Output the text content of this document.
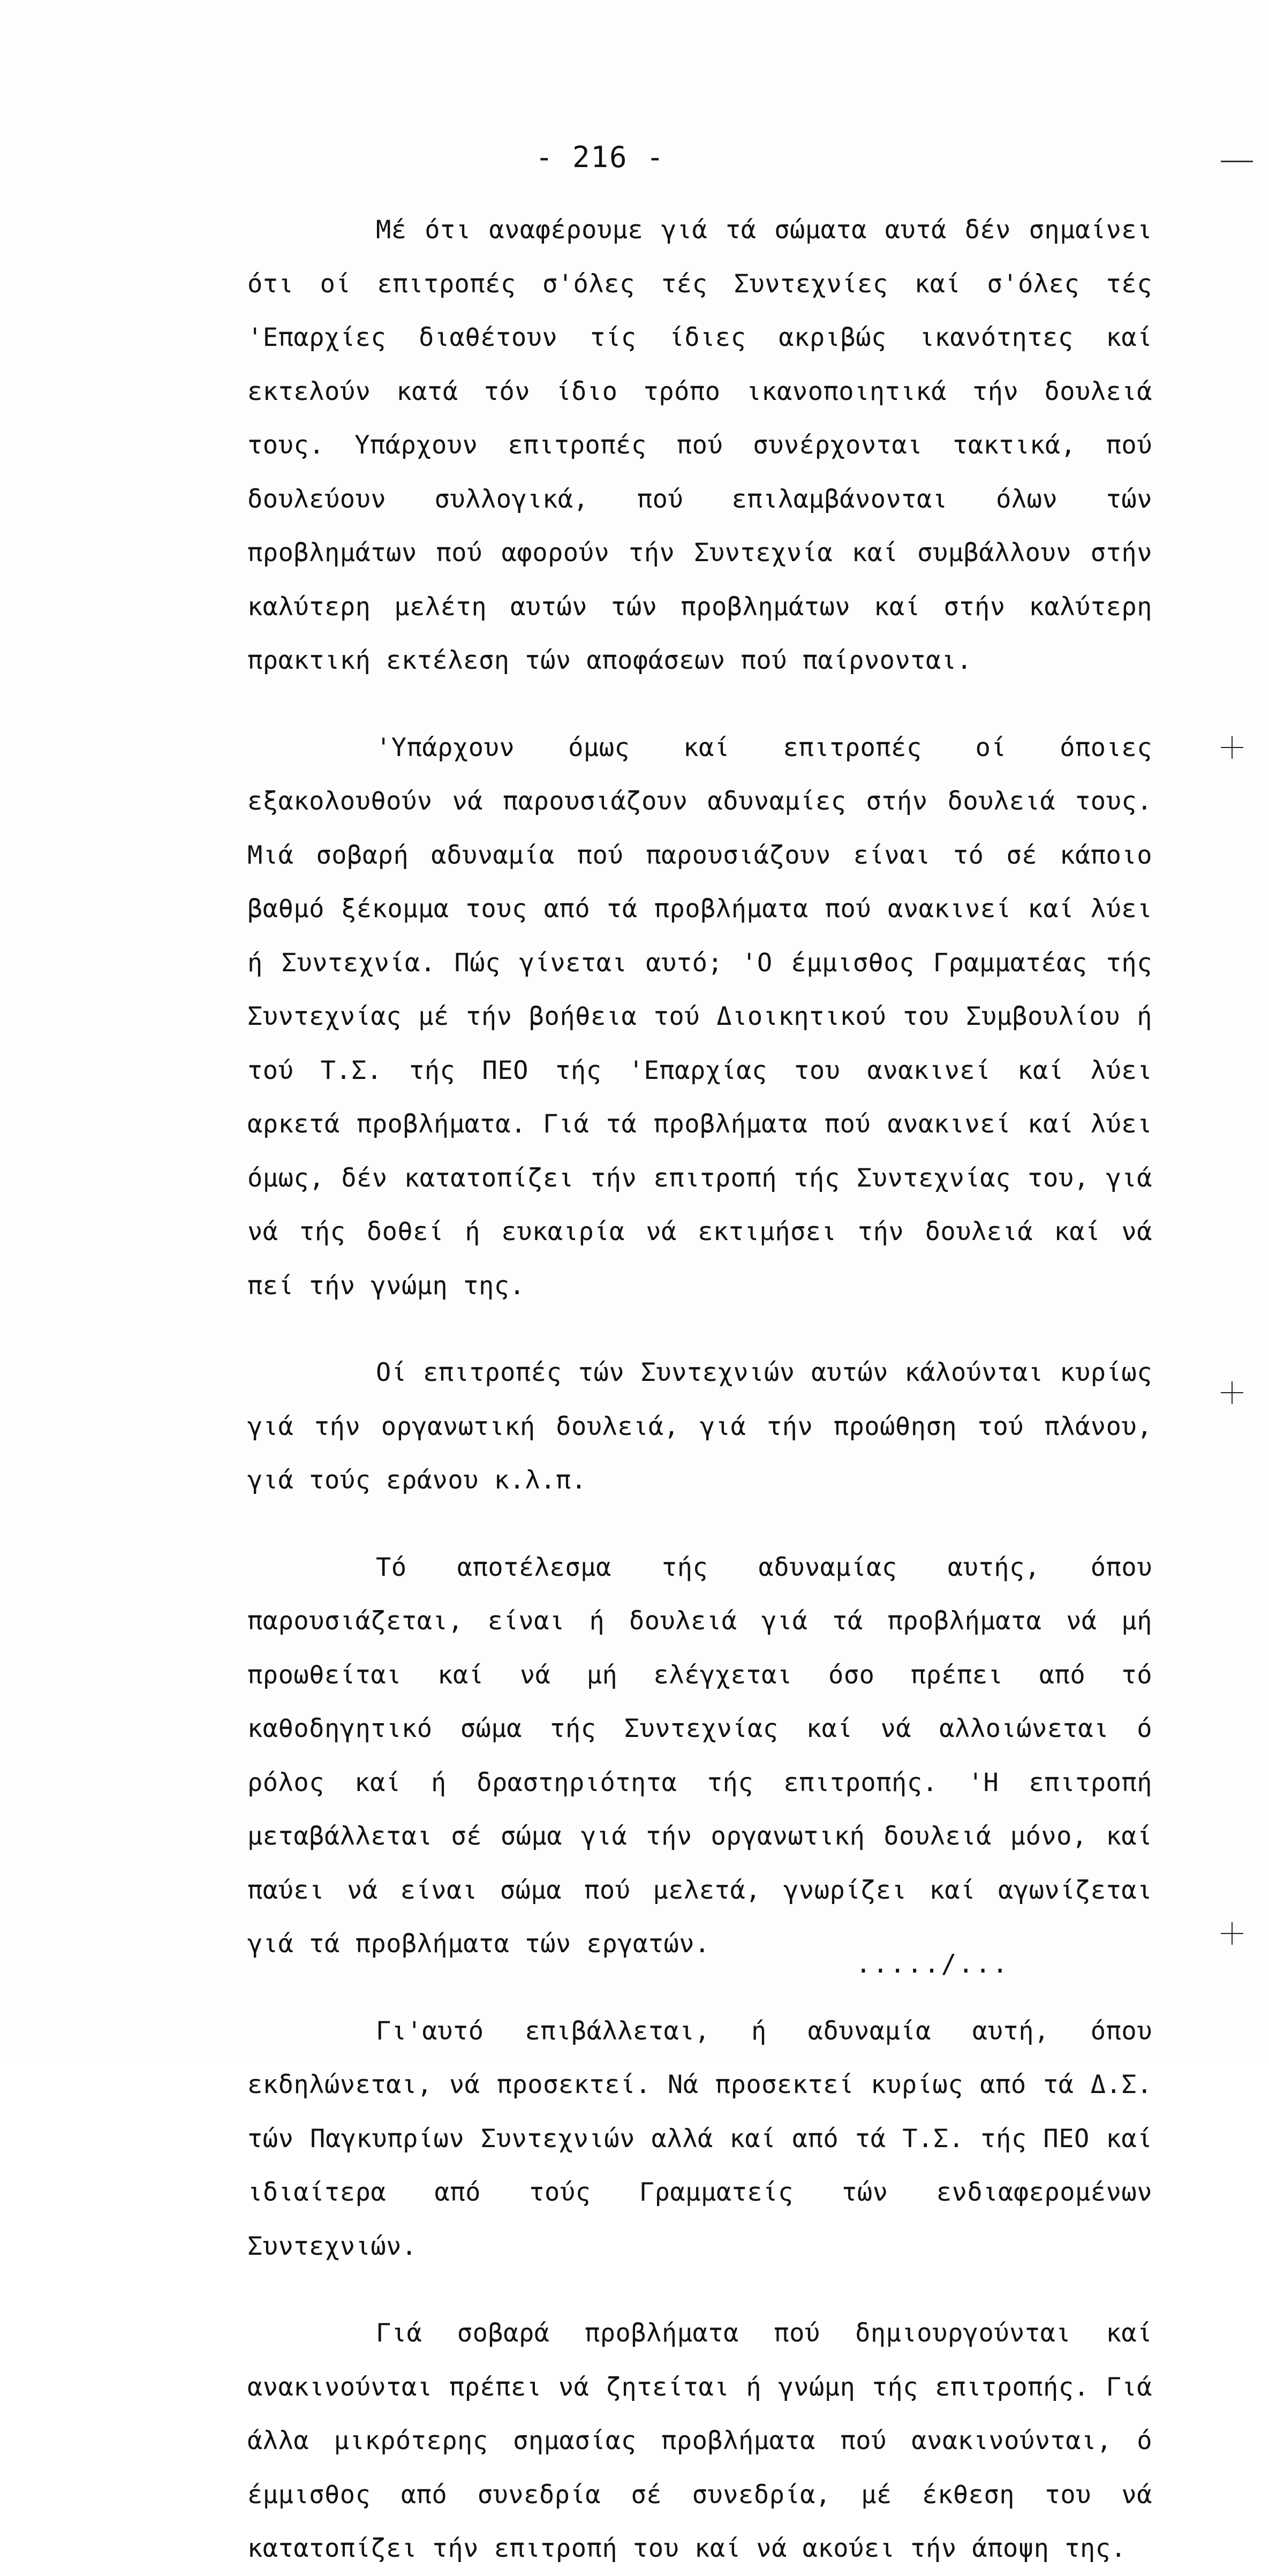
- 216 -

Μέ ότι αναφέρουμε γιά τά σώματα αυτά δέν σημαίνει ότι οί επιτροπές σ'όλες τές Συντεχνίες καί σ'όλες τές 'Επαρχίες διαθέτουν τίς ίδιες ακριβώς ικανότητες καί εκτελούν κατά τόν ίδιο τρόπο ικανοποιητικά τήν δουλειά τους. Υπάρχουν επιτροπές πού συνέρχονται τακτικά, πού δουλεύουν συλλογικά, πού επιλαμβάνονται όλων τών προβλημάτων πού αφορούν τήν Συντεχνία καί συμβάλλουν στήν καλύτερη μελέτη αυτών τών προβλημάτων καί στήν καλύτερη πρακτική εκτέλεση τών αποφάσεων πού παίρνονται.

'Υπάρχουν όμως καί επιτροπές οί όποιες εξακολουθούν νά παρουσιάζουν αδυναμίες στήν δουλειά τους. Μιά σοβαρή αδυναμία πού παρουσιάζουν είναι τό σέ κάποιο βαθμό ξέκομμα τους από τά προβλήματα πού ανακινεί καί λύει ή Συντεχνία. Πώς γίνεται αυτό; 'Ο έμμισθος Γραμματέας τής Συντεχνίας μέ τήν βοήθεια τού Διοικητικού του Συμβουλίου ή τού Τ.Σ. τής ΠΕΟ τής 'Επαρχίας του ανακινεί καί λύει αρκετά προβλήματα. Γιά τά προβλήματα πού ανακινεί καί λύει όμως, δέν κατατοπίζει τήν επιτροπή τής Συντεχνίας του, γιά νά τής δοθεί ή ευκαιρία νά εκτιμήσει τήν δουλειά καί νά πεί τήν γνώμη της.

Οί επιτροπές τών Συντεχνιών αυτών κάλούνται κυρίως γιά τήν οργανωτική δουλειά, γιά τήν προώθηση τού πλάνου, γιά τούς εράνου κ.λ.π.

Τό αποτέλεσμα τής αδυναμίας αυτής, όπου παρουσιάζεται, είναι ή δουλειά γιά τά προβλήματα νά μή προωθείται καί νά μή ελέγχεται όσο πρέπει από τό καθοδηγητικό σώμα τής Συντεχνίας καί νά αλλοιώνεται ό ρόλος καί ή δραστηριότητα τής επιτροπής. 'Η επιτροπή μεταβάλλεται σέ σώμα γιά τήν οργανωτική δουλειά μόνο, καί παύει νά είναι σώμα πού μελετά, γνωρίζει καί αγωνίζεται γιά τά προβλήματα τών εργατών.

Γι'αυτό επιβάλλεται, ή αδυναμία αυτή, όπου εκδηλώνεται, νά προσεκτεί. Νά προσεκτεί κυρίως από τά Δ.Σ. τών Παγκυπρίων Συντεχνιών αλλά καί από τά Τ.Σ. τής ΠΕΟ καί ιδιαίτερα από τούς Γραμματείς τών ενδιαφερομένων Συντεχνιών.

Γιά σοβαρά προβλήματα πού δημιουργούνται καί ανακινούνται πρέπει νά ζητείται ή γνώμη τής επιτροπής. Γιά άλλα μικρότερης σημασίας προβλήματα πού ανακινούνται, ό έμμισθος από συνεδρία σέ συνεδρία, μέ έκθεση του νά κατατοπίζει τήν επιτροπή του καί νά ακούει τήν άποψη της.

...../...
